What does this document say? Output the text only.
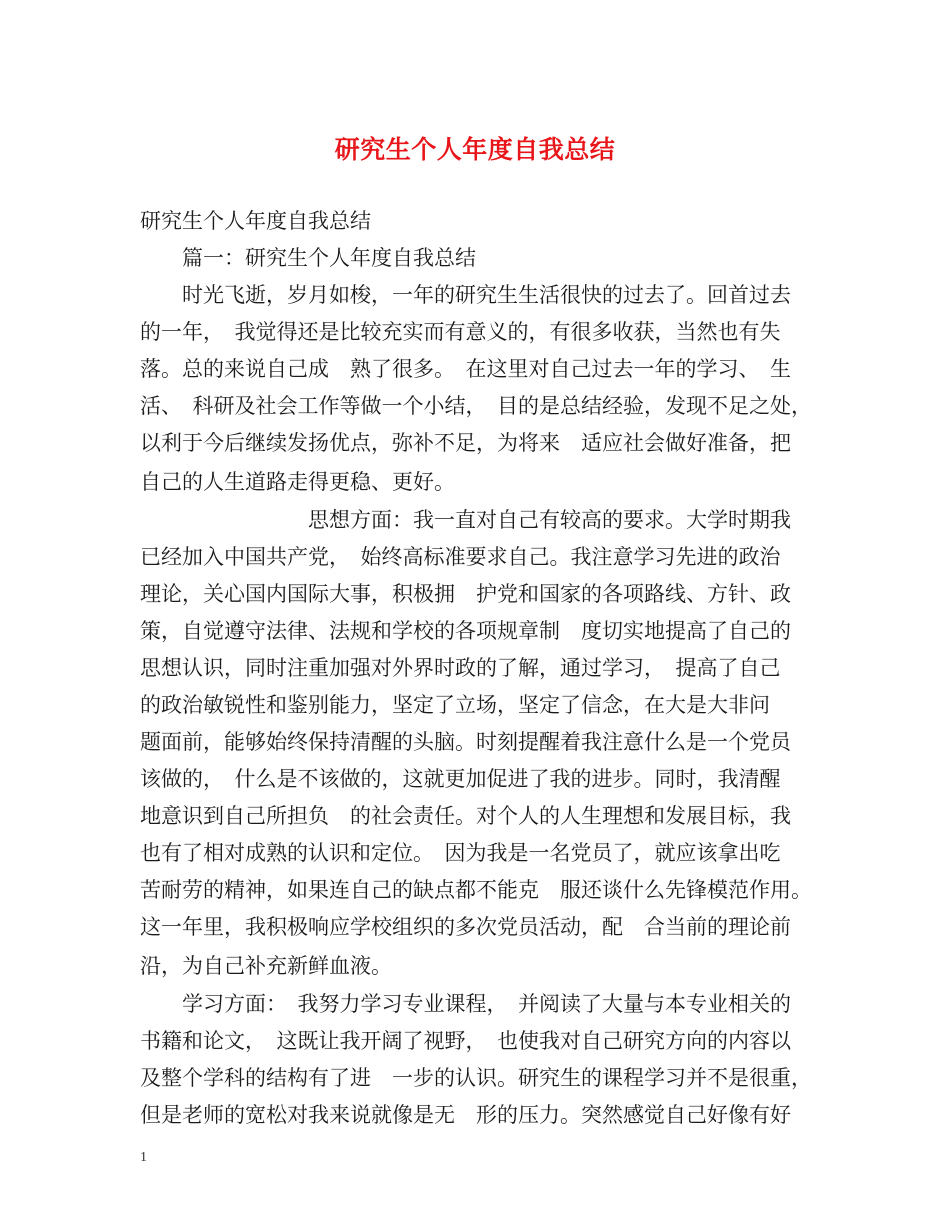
研究生个人年度自我总结
研究生个人年度自我总结
　　篇一：研究生个人年度自我总结
　　时光飞逝，岁月如梭，一年的研究生生活很快的过去了。回首过去
的一年，　我觉得还是比较充实而有意义的，有很多收获，当然也有失
落。总的来说自己成　熟了很多。　在这里对自己过去一年的学习、　生
活、　科研及社会工作等做一个小结，　目的是总结经验，发现不足之处，
以利于今后继续发扬优点，弥补不足，为将来　适应社会做好准备，把
自己的人生道路走得更稳、更好。
　　　　　　　　思想方面：我一直对自己有较高的要求。大学时期我
已经加入中国共产党，　始终高标准要求自己。我注意学习先进的政治
理论，关心国内国际大事，积极拥　护党和国家的各项路线、方针、政
策，自觉遵守法律、法规和学校的各项规章制　度切实地提高了自己的
思想认识，同时注重加强对外界时政的了解，通过学习，　提高了自己
的政治敏锐性和鉴别能力，坚定了立场，坚定了信念，在大是大非问
题面前，能够始终保持清醒的头脑。时刻提醒着我注意什么是一个党员
该做的，　什么是不该做的，这就更加促进了我的进步。同时，我清醒
地意识到自己所担负　的社会责任。对个人的人生理想和发展目标，我
也有了相对成熟的认识和定位。　因为我是一名党员了，就应该拿出吃
苦耐劳的精神，如果连自己的缺点都不能克　服还谈什么先锋模范作用。
这一年里，我积极响应学校组织的多次党员活动，配　合当前的理论前
沿，为自己补充新鲜血液。
　　学习方面：　我努力学习专业课程，　并阅读了大量与本专业相关的
书籍和论文，　这既让我开阔了视野，　也使我对自己研究方向的内容以
及整个学科的结构有了进　一步的认识。研究生的课程学习并不是很重，
但是老师的宽松对我来说就像是无　形的压力。突然感觉自己好像有好
1
